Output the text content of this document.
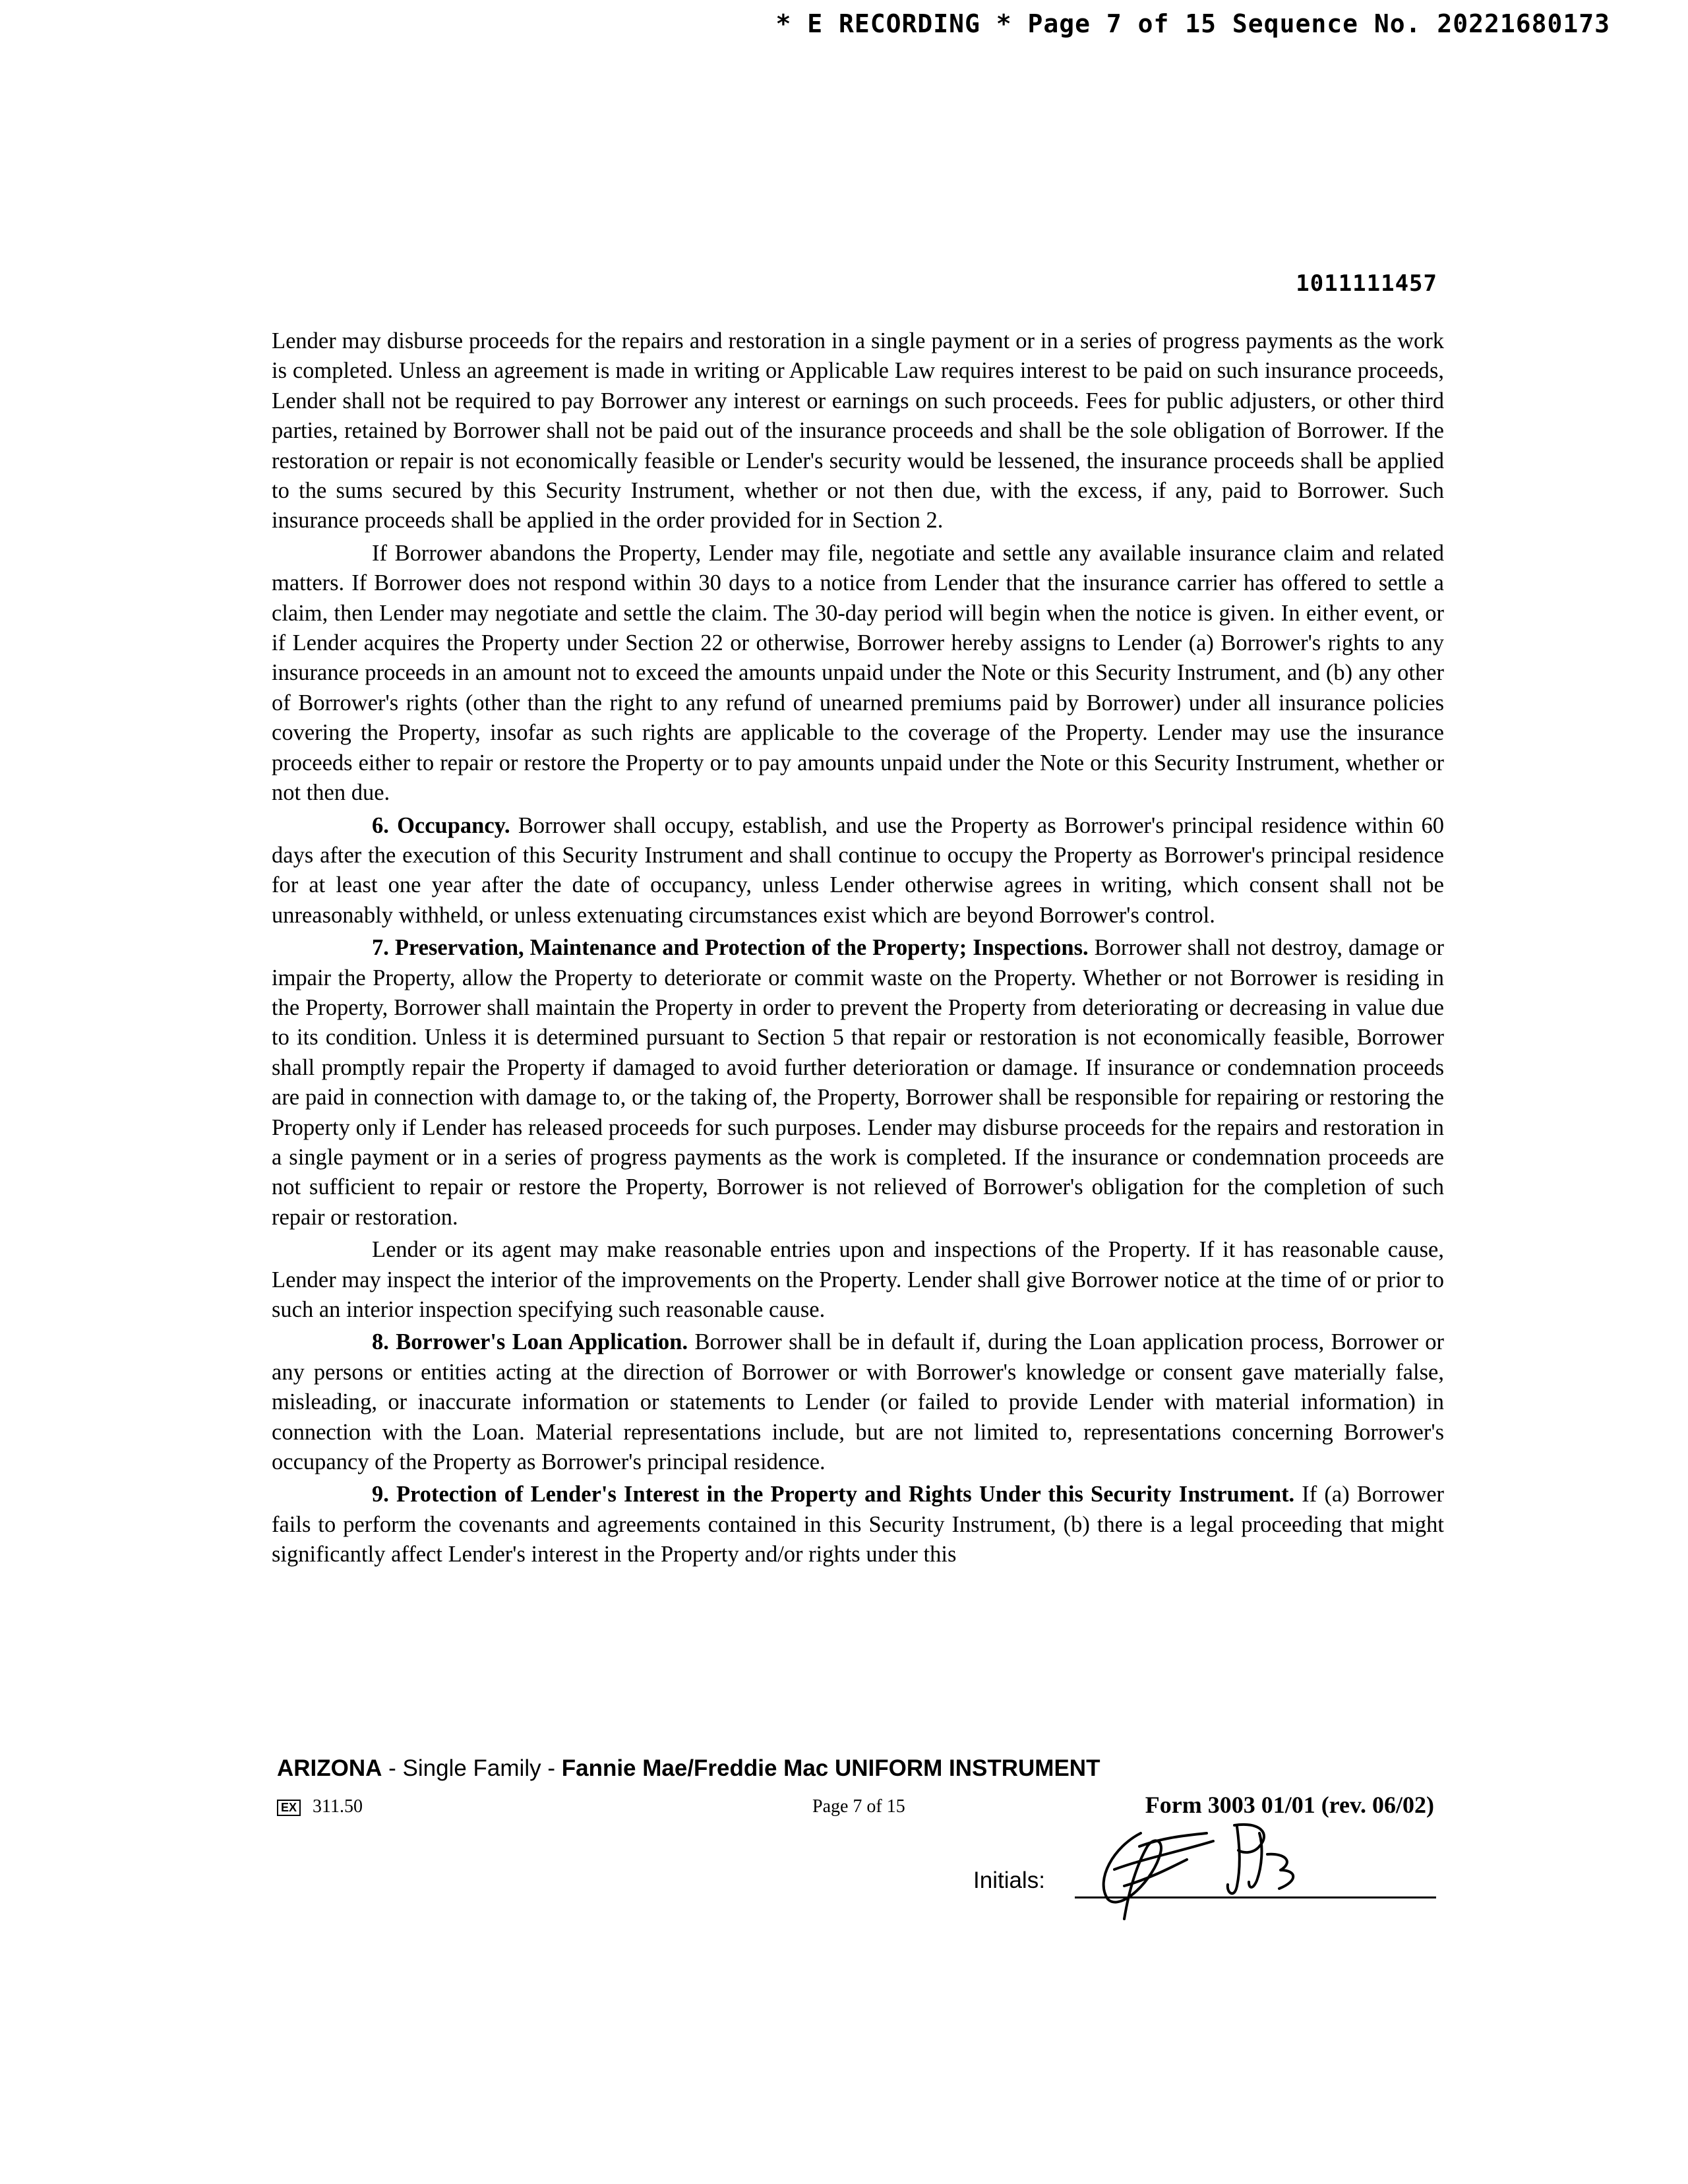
* E RECORDING * Page 7 of 15 Sequence No. 20221680173
1011111457

Lender may disburse proceeds for the repairs and restoration in a single payment or in a series of progress payments as the work is completed. Unless an agreement is made in writing or Applicable Law requires interest to be paid on such insurance proceeds, Lender shall not be required to pay Borrower any interest or earnings on such proceeds. Fees for public adjusters, or other third parties, retained by Borrower shall not be paid out of the insurance proceeds and shall be the sole obligation of Borrower. If the restoration or repair is not economically feasible or Lender's security would be lessened, the insurance proceeds shall be applied to the sums secured by this Security Instrument, whether or not then due, with the excess, if any, paid to Borrower. Such insurance proceeds shall be applied in the order provided for in Section 2.

If Borrower abandons the Property, Lender may file, negotiate and settle any available insurance claim and related matters. If Borrower does not respond within 30 days to a notice from Lender that the insurance carrier has offered to settle a claim, then Lender may negotiate and settle the claim. The 30-day period will begin when the notice is given. In either event, or if Lender acquires the Property under Section 22 or otherwise, Borrower hereby assigns to Lender (a) Borrower's rights to any insurance proceeds in an amount not to exceed the amounts unpaid under the Note or this Security Instrument, and (b) any other of Borrower's rights (other than the right to any refund of unearned premiums paid by Borrower) under all insurance policies covering the Property, insofar as such rights are applicable to the coverage of the Property. Lender may use the insurance proceeds either to repair or restore the Property or to pay amounts unpaid under the Note or this Security Instrument, whether or not then due.

6. Occupancy. Borrower shall occupy, establish, and use the Property as Borrower's principal residence within 60 days after the execution of this Security Instrument and shall continue to occupy the Property as Borrower's principal residence for at least one year after the date of occupancy, unless Lender otherwise agrees in writing, which consent shall not be unreasonably withheld, or unless extenuating circumstances exist which are beyond Borrower's control.

7. Preservation, Maintenance and Protection of the Property; Inspections. Borrower shall not destroy, damage or impair the Property, allow the Property to deteriorate or commit waste on the Property. Whether or not Borrower is residing in the Property, Borrower shall maintain the Property in order to prevent the Property from deteriorating or decreasing in value due to its condition. Unless it is determined pursuant to Section 5 that repair or restoration is not economically feasible, Borrower shall promptly repair the Property if damaged to avoid further deterioration or damage. If insurance or condemnation proceeds are paid in connection with damage to, or the taking of, the Property, Borrower shall be responsible for repairing or restoring the Property only if Lender has released proceeds for such purposes. Lender may disburse proceeds for the repairs and restoration in a single payment or in a series of progress payments as the work is completed. If the insurance or condemnation proceeds are not sufficient to repair or restore the Property, Borrower is not relieved of Borrower's obligation for the completion of such repair or restoration.

Lender or its agent may make reasonable entries upon and inspections of the Property. If it has reasonable cause, Lender may inspect the interior of the improvements on the Property. Lender shall give Borrower notice at the time of or prior to such an interior inspection specifying such reasonable cause.

8. Borrower's Loan Application. Borrower shall be in default if, during the Loan application process, Borrower or any persons or entities acting at the direction of Borrower or with Borrower's knowledge or consent gave materially false, misleading, or inaccurate information or statements to Lender (or failed to provide Lender with material information) in connection with the Loan. Material representations include, but are not limited to, representations concerning Borrower's occupancy of the Property as Borrower's principal residence.

9. Protection of Lender's Interest in the Property and Rights Under this Security Instrument. If (a) Borrower fails to perform the covenants and agreements contained in this Security Instrument, (b) there is a legal proceeding that might significantly affect Lender's interest in the Property and/or rights under this

ARIZONA - Single Family - Fannie Mae/Freddie Mac UNIFORM INSTRUMENT
EX 311.50	Page 7 of 15	Form 3003 01/01 (rev. 06/02)
Initials:
